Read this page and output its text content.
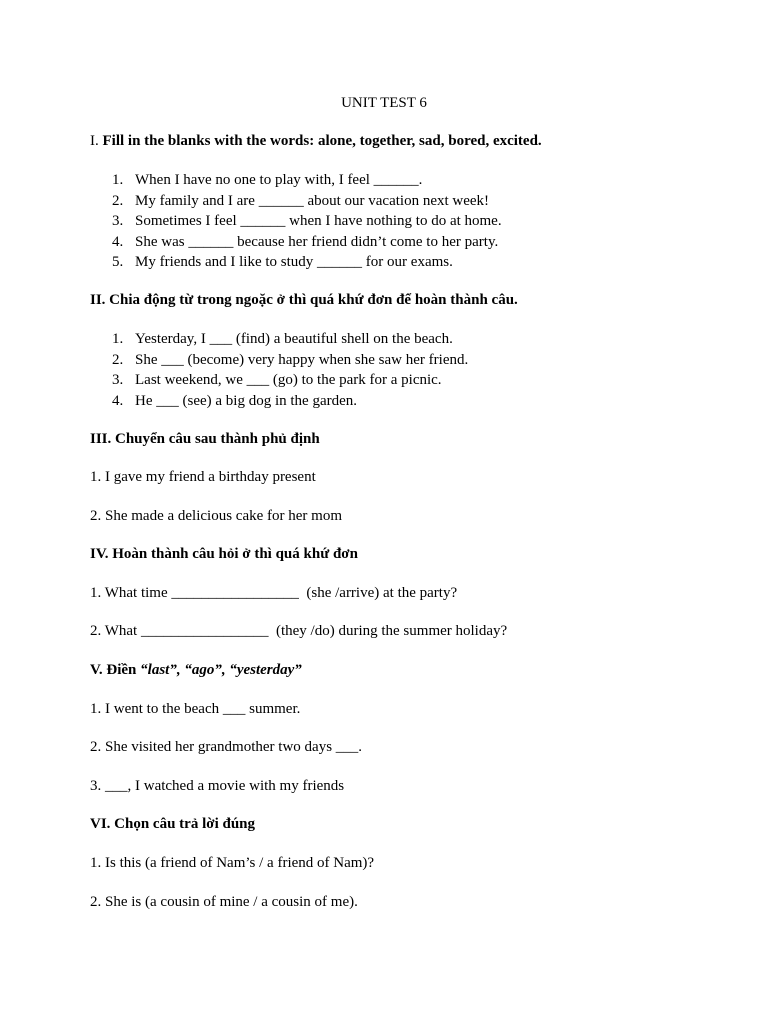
UNIT TEST 6
I. Fill in the blanks with the words: alone, together, sad, bored, excited.
1. When I have no one to play with, I feel ______.
2. My family and I are ______ about our vacation next week!
3. Sometimes I feel ______ when I have nothing to do at home.
4. She was ______ because her friend didn’t come to her party.
5. My friends and I like to study ______ for our exams.
II. Chia động từ trong ngoặc ở thì quá khứ đơn để hoàn thành câu.
1. Yesterday, I ___ (find) a beautiful shell on the beach.
2. She ___ (become) very happy when she saw her friend.
3. Last weekend, we ___ (go) to the park for a picnic.
4. He ___ (see) a big dog in the garden.
III. Chuyển câu sau thành phủ định
1. I gave my friend a birthday present
2. She made a delicious cake for her mom
IV. Hoàn thành câu hỏi ở thì quá khứ đơn
1. What time _________________  (she /arrive) at the party?
2. What _________________  (they /do) during the summer holiday?
V. Điền “last”, “ago”, “yesterday”
1. I went to the beach ___ summer.
2. She visited her grandmother two days ___.
3. ___, I watched a movie with my friends
VI. Chọn câu trả lời đúng
1. Is this (a friend of Nam’s / a friend of Nam)?
2. She is (a cousin of mine / a cousin of me).
